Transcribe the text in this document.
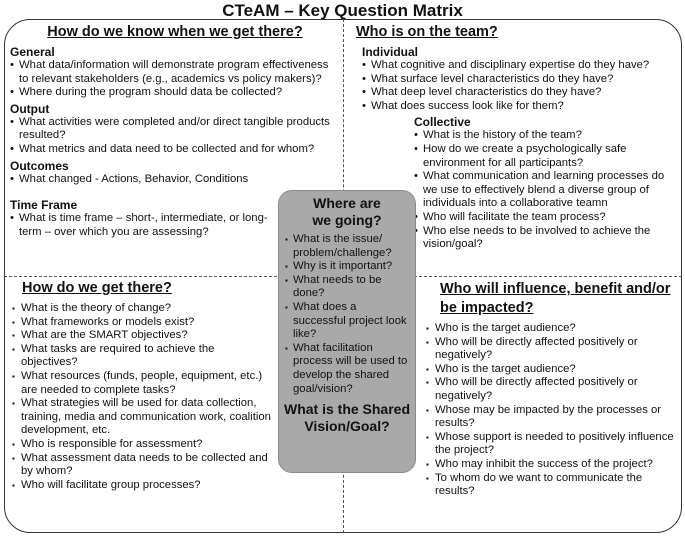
CTeAM – Key Question Matrix
How do we know when we get there?
General
• What data/information will demonstrate program effectiveness to relevant stakeholders (e.g., academics vs policy makers)?
• Where during the program should data be collected?
Output
• What activities were completed and/or direct tangible products resulted?
• What metrics and data need to be collected and for whom?
Outcomes
• What changed - Actions, Behavior, Conditions
Time Frame
• What is time frame – short-, intermediate, or long-term – over which you are assessing?
Who is on the team?
Individual
• What cognitive and disciplinary expertise do they have?
• What surface level characteristics do they have?
• What deep level characteristics do they have?
• What does success look like for them?
Collective
• What is the history of the team?
• How do we create a psychologically safe environment for all participants?
• What communication and learning processes do we use to effectively blend a diverse group of individuals into a collaborative teamn
• Who will facilitate the team process?
• Who else needs to be involved to achieve the vision/goal?
How do we get there?
▪ What is the theory of change?
▪ What frameworks or models exist?
▪ What are the SMART objectives?
▪ What tasks are required to achieve the objectives?
▪ What resources (funds, people, equipment, etc.) are needed to complete tasks?
▪ What strategies will be used for data collection, training, media and communication work, coalition development, etc.
▪ Who is responsible for assessment?
▪ What assessment data needs to be collected and by whom?
▪ Who will facilitate group processes?
Who will influence, benefit and/or be impacted?
▪ Who is the target audience?
▪ Who will be directly affected positively or negatively?
▪ Who is the target audience?
▪ Who will be directly affected positively or negatively?
▪ Whose may be impacted by the processes or results?
▪ Whose support is needed to positively influence the project?
▪ Who may inhibit the success of the project?
▪ To whom do we want to communicate the results?
Where are we going?
▪ What is the issue/ problem/challenge?
▪ Why is it important?
▪ What needs to be done?
▪ What does a successful project look like?
▪ What facilitation process will be used to develop the shared goal/vision?
What is the Shared Vision/Goal?
